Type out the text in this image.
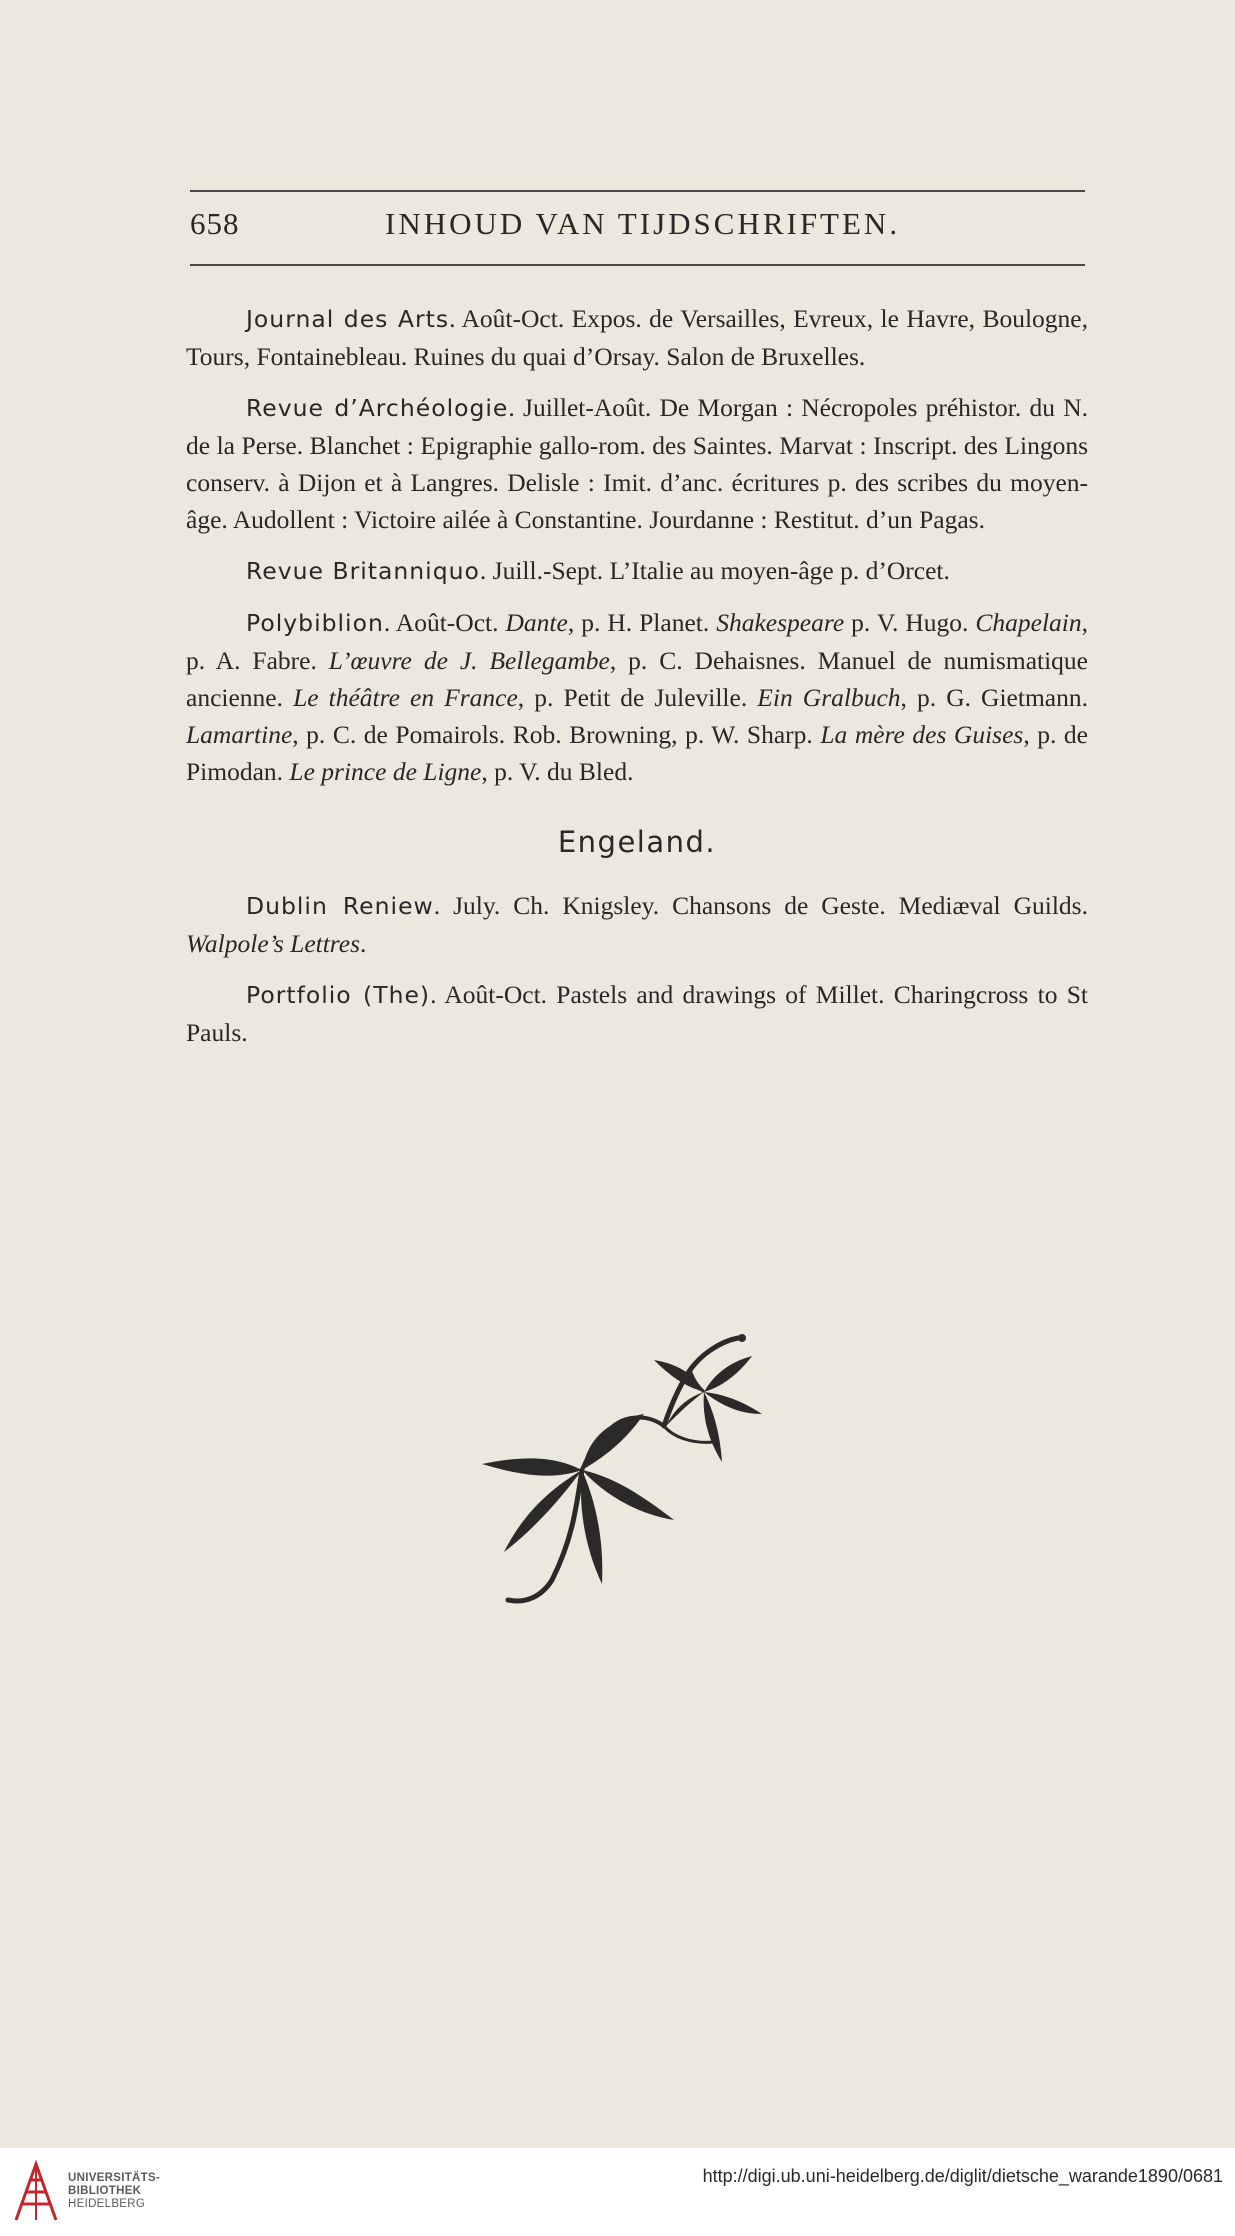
658	INHOUD VAN TIJDSCHRIFTEN.

Journal des Arts. Août-Oct. Expos. de Versailles, Evreux, le Havre, Boulogne, Tours, Fontainebleau. Ruines du quai d’Orsay. Salon de Bruxelles.

Revue d’Archéologie. Juillet-Août. De Morgan : Nécropoles préhistor. du N. de la Perse. Blanchet : Epigraphie gallo-rom. des Saintes. Marvat : Inscript. des Lingons conserv. à Dijon et à Langres. Delisle : Imit. d’anc. écritures p. des scribes du moyen-âge. Audollent : Victoire ailée à Constantine. Jourdanne : Restitut. d’un Pagas.

Revue Britanniquo. Juill.-Sept. L’Italie au moyen-âge p. d’Orcet.

Polybiblion. Août-Oct. Dante, p. H. Planet. Shakespeare p. V. Hugo. Chapelain, p. A. Fabre. L’œuvre de J. Bellegambe, p. C. Dehaisnes. Manuel de numismatique ancienne. Le théâtre en France, p. Petit de Juleville. Ein Gralbuch, p. G. Gietmann. Lamartine, p. C. de Pomairols. Rob. Browning, p. W. Sharp. La mère des Guises, p. de Pimodan. Le prince de Ligne, p. V. du Bled.

Engeland.

Dublin Reniew. July. Ch. Knigsley. Chansons de Geste. Mediæval Guilds. Walpole’s Lettres.

Portfolio (The). Août-Oct. Pastels and drawings of Millet. Charingcross to St Pauls.

UNIVERSITÄTS-
BIBLIOTHEK
HEIDELBERG
http://digi.ub.uni-heidelberg.de/diglit/dietsche_warande1890/0681
